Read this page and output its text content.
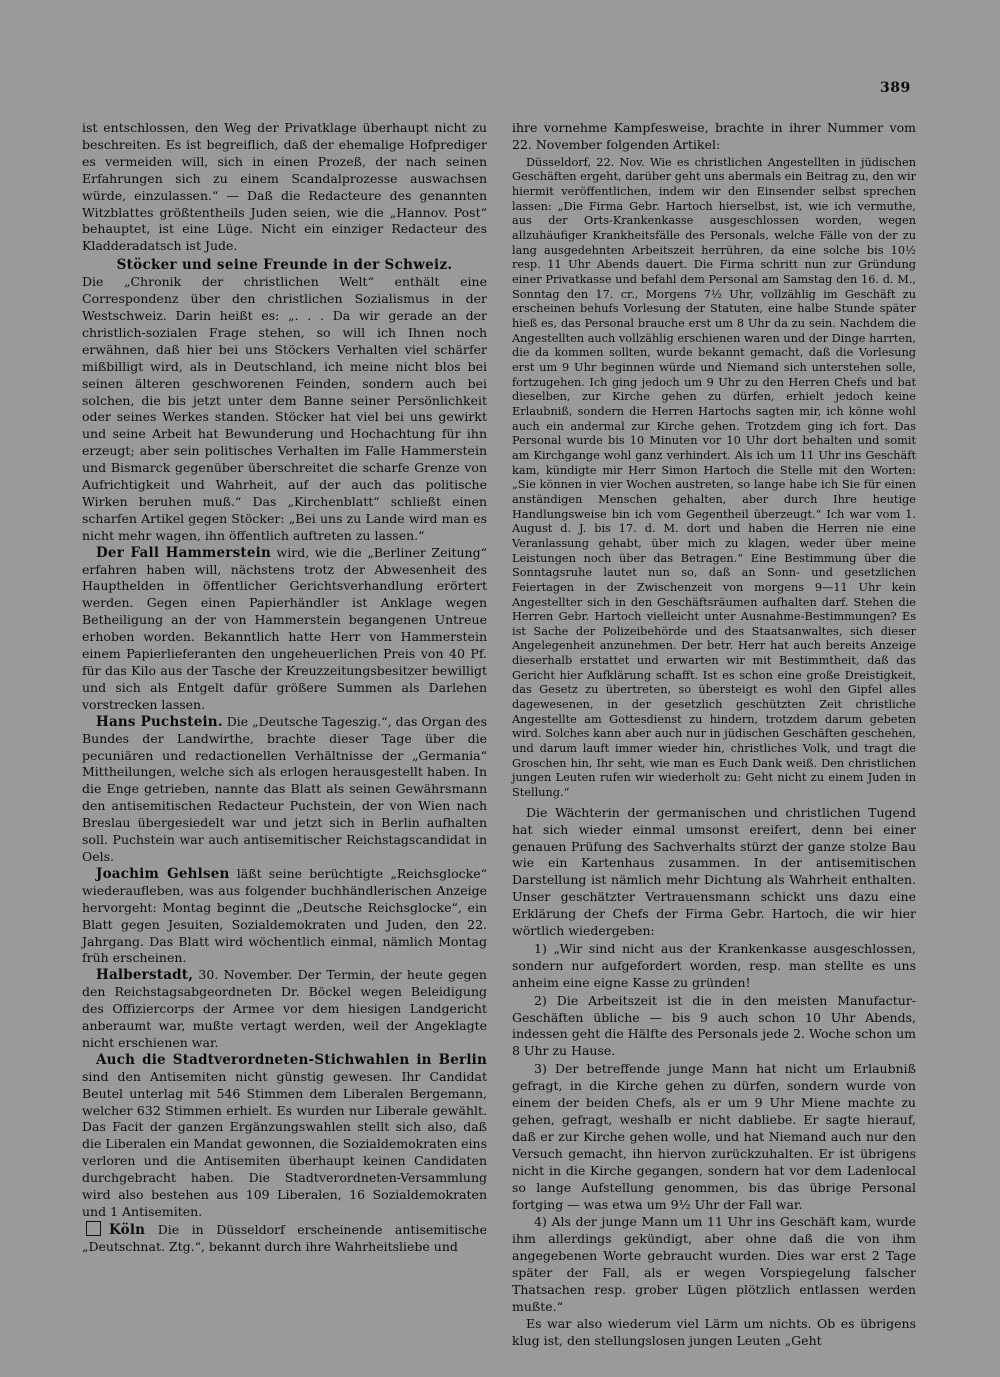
389

ist entschlossen, den Weg der Privatklage überhaupt nicht zu beschreiten. Es ist begreiflich, daß der ehemalige Hofprediger es vermeiden will, sich in einen Prozeß, der nach seinen Erfahrungen sich zu einem Scandalprozesse auswachsen würde, einzulassen.“ — Daß die Redacteure des genannten Witzblattes größtentheils Juden seien, wie die „Hannov. Post“ behauptet, ist eine Lüge. Nicht ein einziger Redacteur des Kladderadatsch ist Jude.

Stöcker und seine Freunde in der Schweiz.

Die „Chronik der christlichen Welt“ enthält eine Correspondenz über den christlichen Sozialismus in der Westschweiz. Darin heißt es: „. . . Da wir gerade an der christlich-sozialen Frage stehen, so will ich Ihnen noch erwähnen, daß hier bei uns Stöckers Verhalten viel schärfer mißbilligt wird, als in Deutschland, ich meine nicht blos bei seinen älteren geschworenen Feinden, sondern auch bei solchen, die bis jetzt unter dem Banne seiner Persönlichkeit oder seines Werkes standen. Stöcker hat viel bei uns gewirkt und seine Arbeit hat Bewunderung und Hochachtung für ihn erzeugt; aber sein politisches Verhalten im Falle Hammerstein und Bismarck gegenüber überschreitet die scharfe Grenze von Aufrichtigkeit und Wahrheit, auf der auch das politische Wirken beruhen muß.“ Das „Kirchenblatt“ schließt einen scharfen Artikel gegen Stöcker: „Bei uns zu Lande wird man es nicht mehr wagen, ihn öffentlich auftreten zu lassen.“

Der Fall Hammerstein wird, wie die „Berliner Zeitung“ erfahren haben will, nächstens trotz der Abwesenheit des Haupthelden in öffentlicher Gerichtsverhandlung erörtert werden. Gegen einen Papierhändler ist Anklage wegen Betheiligung an der von Hammerstein begangenen Untreue erhoben worden. Bekanntlich hatte Herr von Hammerstein einem Papierlieferanten den ungeheuerlichen Preis von 40 Pf. für das Kilo aus der Tasche der Kreuzzeitungsbesitzer bewilligt und sich als Entgelt dafür größere Summen als Darlehen vorstrecken lassen.

Hans Puchstein. Die „Deutsche Tageszig.“, das Organ des Bundes der Landwirthe, brachte dieser Tage über die pecuniären und redactionellen Verhältnisse der „Germania“ Mittheilungen, welche sich als erlogen herausgestellt haben. In die Enge getrieben, nannte das Blatt als seinen Gewährsmann den antisemitischen Redacteur Puchstein, der von Wien nach Breslau übergesiedelt war und jetzt sich in Berlin aufhalten soll. Puchstein war auch antisemitischer Reichstagscandidat in Oels.

Joachim Gehlsen läßt seine berüchtigte „Reichsglocke“ wiederaufleben, was aus folgender buchhändlerischen Anzeige hervorgeht: Montag beginnt die „Deutsche Reichsglocke“, ein Blatt gegen Jesuiten, Sozialdemokraten und Juden, den 22. Jahrgang. Das Blatt wird wöchentlich einmal, nämlich Montag früh erscheinen.

Halberstadt, 30. November. Der Termin, der heute gegen den Reichstagsabgeordneten Dr. Böckel wegen Beleidigung des Offiziercorps der Armee vor dem hiesigen Landgericht anberaumt war, mußte vertagt werden, weil der Angeklagte nicht erschienen war.

Auch die Stadtverordneten-Stichwahlen in Berlin sind den Antisemiten nicht günstig gewesen. Ihr Candidat Beutel unterlag mit 546 Stimmen dem Liberalen Bergemann, welcher 632 Stimmen erhielt. Es wurden nur Liberale gewählt. Das Facit der ganzen Ergänzungswahlen stellt sich also, daß die Liberalen ein Mandat gewonnen, die Sozialdemokraten eins verloren und die Antisemiten überhaupt keinen Candidaten durchgebracht haben. Die Stadtverordneten-Versammlung wird also bestehen aus 109 Liberalen, 16 Sozialdemokraten und 1 Antisemiten.

Köln Die in Düsseldorf erscheinende antisemitische „Deutschnat. Ztg.“, bekannt durch ihre Wahrheitsliebe und

ihre vornehme Kampfesweise, brachte in ihrer Nummer vom 22. November folgenden Artikel:

Düsseldorf, 22. Nov. Wie es christlichen Angestellten in jüdischen Geschäften ergeht, darüber geht uns abermals ein Beitrag zu, den wir hiermit veröffentlichen, indem wir den Einsender selbst sprechen lassen: „Die Firma Gebr. Hartoch hierselbst, ist, wie ich vermuthe, aus der Orts-Krankenkasse ausgeschlossen worden, wegen allzuhäufiger Krankheitsfälle des Personals, welche Fälle von der zu lang ausgedehnten Arbeitszeit herrühren, da eine solche bis 10½ resp. 11 Uhr Abends dauert. Die Firma schritt nun zur Gründung einer Privatkasse und befahl dem Personal am Samstag den 16. d. M., Sonntag den 17. cr., Morgens 7½ Uhr, vollzählig im Geschäft zu erscheinen behufs Vorlesung der Statuten, eine halbe Stunde später hieß es, das Personal brauche erst um 8 Uhr da zu sein. Nachdem die Angestellten auch vollzählig erschienen waren und der Dinge harrten, die da kommen sollten, wurde bekannt gemacht, daß die Vorlesung erst um 9 Uhr beginnen würde und Niemand sich unterstehen solle, fortzugehen. Ich ging jedoch um 9 Uhr zu den Herren Chefs und bat dieselben, zur Kirche gehen zu dürfen, erhielt jedoch keine Erlaubniß, sondern die Herren Hartochs sagten mir, ich könne wohl auch ein andermal zur Kirche gehen. Trotzdem ging ich fort. Das Personal wurde bis 10 Minuten vor 10 Uhr dort behalten und somit am Kirchgange wohl ganz verhindert. Als ich um 11 Uhr ins Geschäft kam, kündigte mir Herr Simon Hartoch die Stelle mit den Worten: „Sie können in vier Wochen austreten, so lange habe ich Sie für einen anständigen Menschen gehalten, aber durch Ihre heutige Handlungsweise bin ich vom Gegentheil überzeugt.“ Ich war vom 1. August d. J. bis 17. d. M. dort und haben die Herren nie eine Veranlassung gehabt, über mich zu klagen, weder über meine Leistungen noch über das Betragen.“ Eine Bestimmung über die Sonntagsruhe lautet nun so, daß an Sonn- und gesetzlichen Feiertagen in der Zwischenzeit von morgens 9—11 Uhr kein Angestellter sich in den Geschäftsräumen aufhalten darf. Stehen die Herren Gebr. Hartoch vielleicht unter Ausnahme-Bestimmungen? Es ist Sache der Polizeibehörde und des Staatsanwaltes, sich dieser Angelegenheit anzunehmen. Der betr. Herr hat auch bereits Anzeige dieserhalb erstattet und erwarten wir mit Bestimmtheit, daß das Gericht hier Aufklärung schafft. Ist es schon eine große Dreistigkeit, das Gesetz zu übertreten, so übersteigt es wohl den Gipfel alles dagewesenen, in der gesetzlich geschützten Zeit christliche Angestellte am Gottesdienst zu hindern, trotzdem darum gebeten wird. Solches kann aber auch nur in jüdischen Geschäften geschehen, und darum lauft immer wieder hin, christliches Volk, und tragt die Groschen hin, Ihr seht, wie man es Euch Dank weiß. Den christlichen jungen Leuten rufen wir wiederholt zu: Geht nicht zu einem Juden in Stellung.“

Die Wächterin der germanischen und christlichen Tugend hat sich wieder einmal umsonst ereifert, denn bei einer genauen Prüfung des Sachverhalts stürzt der ganze stolze Bau wie ein Kartenhaus zusammen. In der antisemitischen Darstellung ist nämlich mehr Dichtung als Wahrheit enthalten. Unser geschätzter Vertrauensmann schickt uns dazu eine Erklärung der Chefs der Firma Gebr. Hartoch, die wir hier wörtlich wiedergeben:

1) „Wir sind nicht aus der Krankenkasse ausgeschlossen, sondern nur aufgefordert worden, resp. man stellte es uns anheim eine eigne Kasse zu gründen!

2) Die Arbeitszeit ist die in den meisten Manufactur-Geschäften übliche — bis 9 auch schon 10 Uhr Abends, indessen geht die Hälfte des Personals jede 2. Woche schon um 8 Uhr zu Hause.

3) Der betreffende junge Mann hat nicht um Erlaubniß gefragt, in die Kirche gehen zu dürfen, sondern wurde von einem der beiden Chefs, als er um 9 Uhr Miene machte zu gehen, gefragt, weshalb er nicht dabliebe. Er sagte hierauf, daß er zur Kirche gehen wolle, und hat Niemand auch nur den Versuch gemacht, ihn hiervon zurückzuhalten. Er ist übrigens nicht in die Kirche gegangen, sondern hat vor dem Ladenlocal so lange Aufstellung genommen, bis das übrige Personal fortging — was etwa um 9½ Uhr der Fall war.

4) Als der junge Mann um 11 Uhr ins Geschäft kam, wurde ihm allerdings gekündigt, aber ohne daß die von ihm angegebenen Worte gebraucht wurden. Dies war erst 2 Tage später der Fall, als er wegen Vorspiegelung falscher Thatsachen resp. grober Lügen plötzlich entlassen werden mußte.“

Es war also wiederum viel Lärm um nichts. Ob es übrigens klug ist, den stellungslosen jungen Leuten „Geht
